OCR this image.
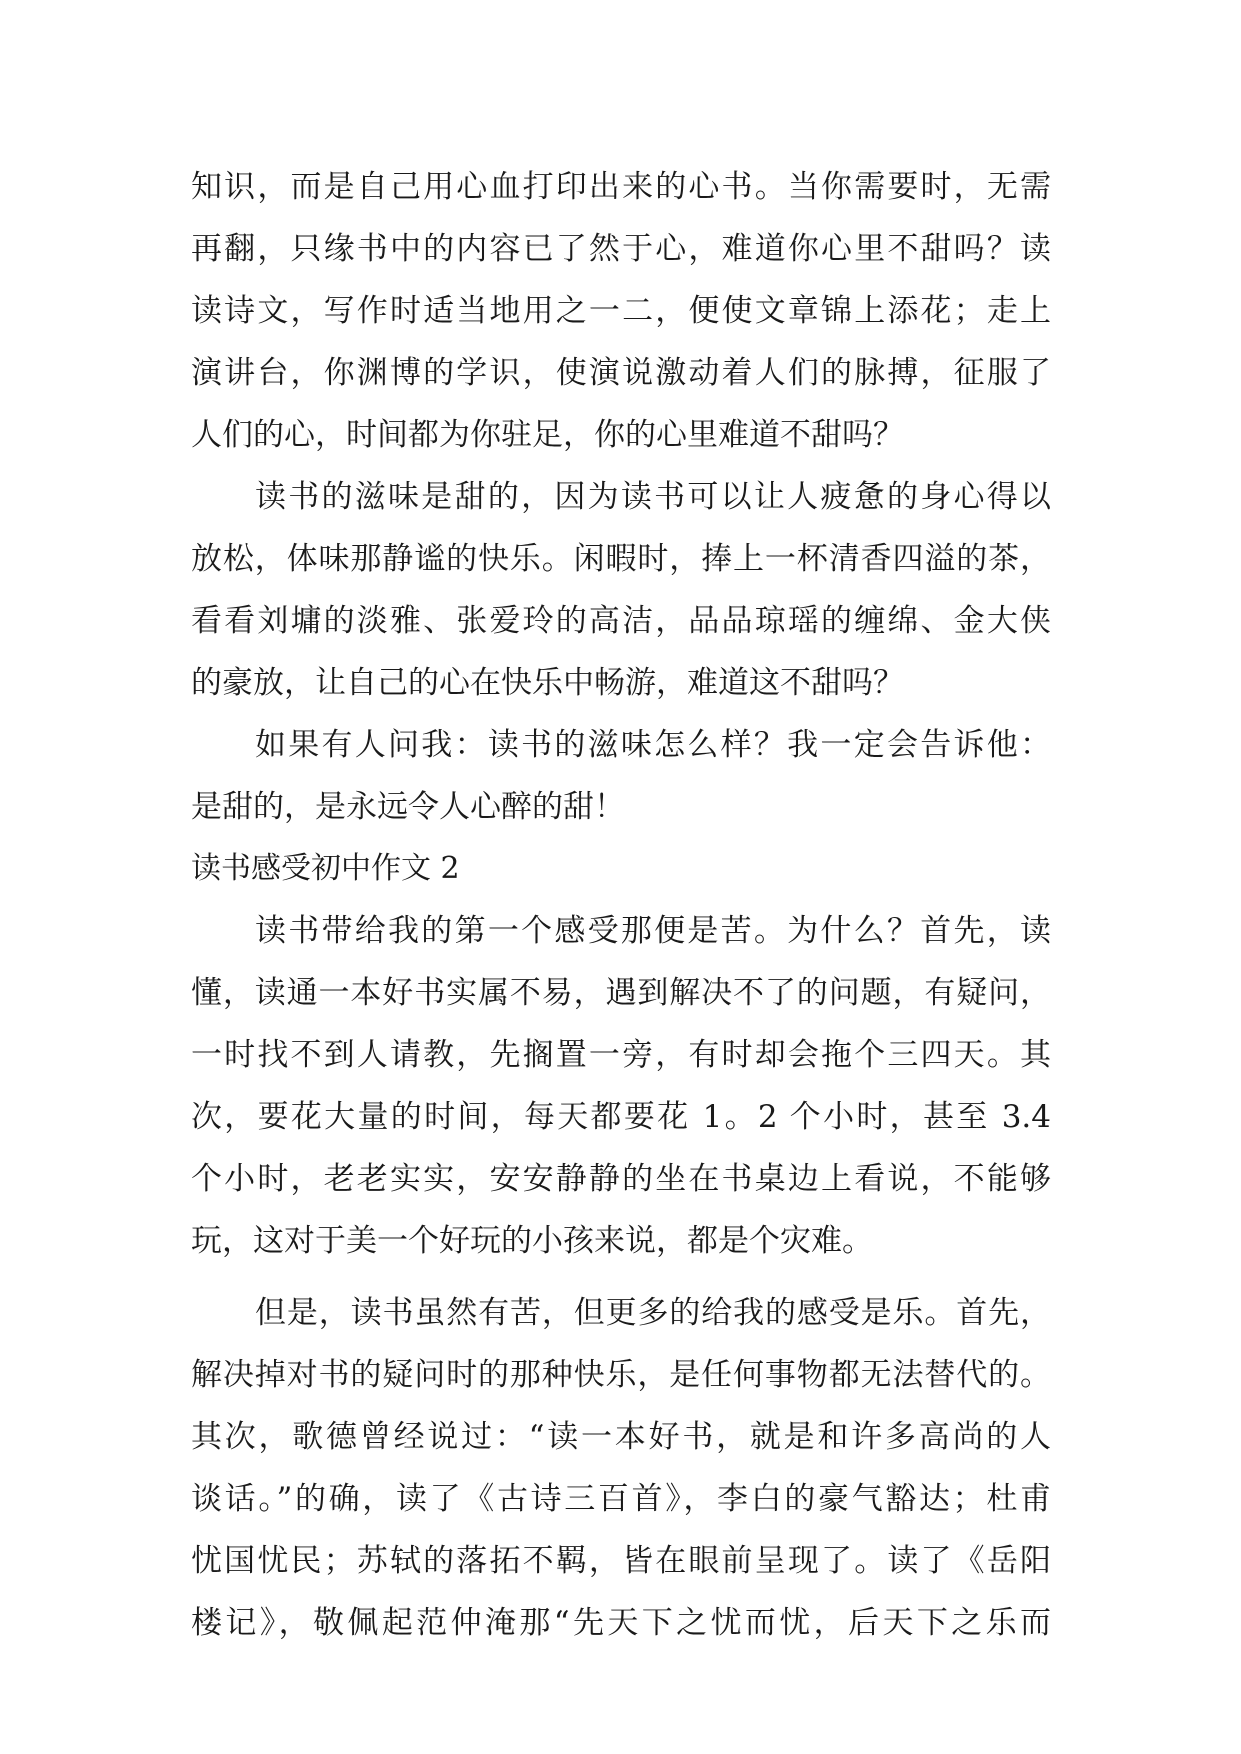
知识，而是自己用心血打印出来的心书。当你需要时，无需
再翻，只缘书中的内容已了然于心，难道你心里不甜吗？读
读诗文，写作时适当地用之一二，便使文章锦上添花；走上
演讲台，你渊博的学识，使演说激动着人们的脉搏，征服了
人们的心，时间都为你驻足，你的心里难道不甜吗？
读书的滋味是甜的，因为读书可以让人疲惫的身心得以
放松，体味那静谧的快乐。闲暇时，捧上一杯清香四溢的茶，
看看刘墉的淡雅、张爱玲的高洁，品品琼瑶的缠绵、金大侠
的豪放，让自己的心在快乐中畅游，难道这不甜吗？
如果有人问我：读书的滋味怎么样？我一定会告诉他：
是甜的，是永远令人心醉的甜！
读书感受初中作文 2
读书带给我的第一个感受那便是苦。为什么？首先，读
懂，读通一本好书实属不易，遇到解决不了的问题，有疑问，
一时找不到人请教，先搁置一旁，有时却会拖个三四天。其
次，要花大量的时间，每天都要花 1。2 个小时，甚至 3.4
个小时，老老实实，安安静静的坐在书桌边上看说，不能够
玩，这对于美一个好玩的小孩来说，都是个灾难。
但是，读书虽然有苦，但更多的给我的感受是乐。首先，
解决掉对书的疑问时的那种快乐，是任何事物都无法替代的。
其次，歌德曾经说过：“读一本好书，就是和许多高尚的人
谈话。”的确，读了《古诗三百首》，李白的豪气豁达；杜甫
忧国忧民；苏轼的落拓不羁，皆在眼前呈现了。读了《岳阳
楼记》，敬佩起范仲淹那“先天下之忧而忧，后天下之乐而
